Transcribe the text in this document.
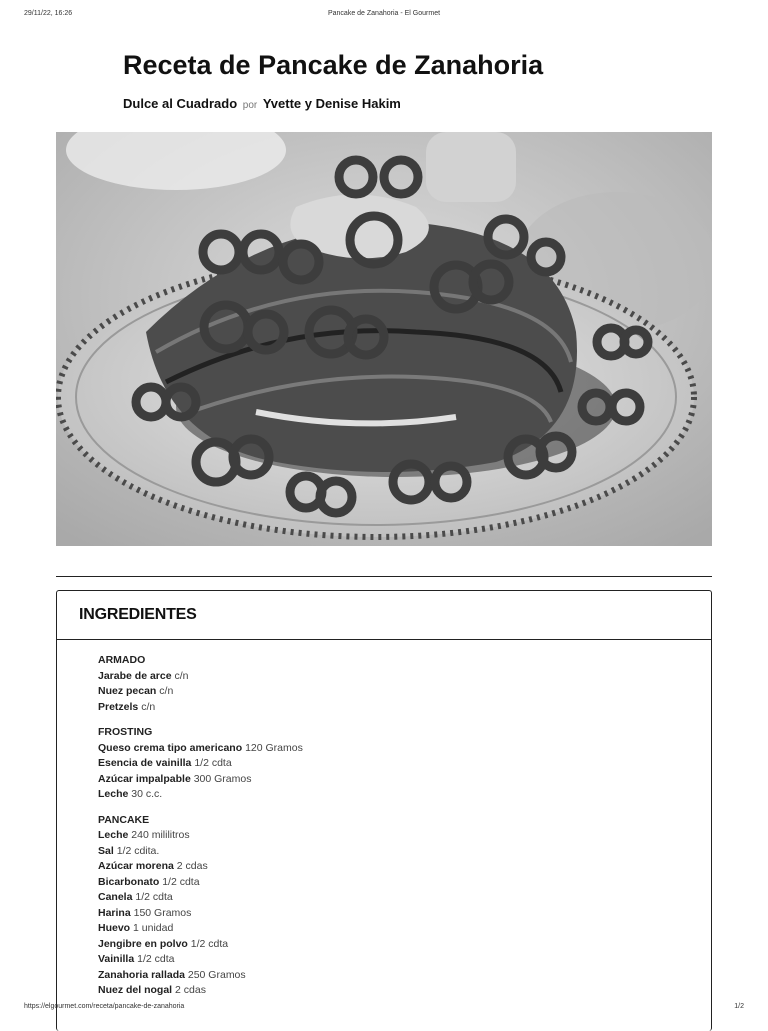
29/11/22, 16:26	Pancake de Zanahoria - El Gourmet
Receta de Pancake de Zanahoria
Dulce al Cuadrado por Yvette y Denise Hakim
INGREDIENTES
ARMADO
Jarabe de arce c/n
Nuez pecan c/n
Pretzels c/n
FROSTING
Queso crema tipo americano 120 Gramos
Esencia de vainilla 1/2 cdta
Azúcar impalpable 300 Gramos
Leche 30 c.c.
PANCAKE
Leche 240 mililitros
Sal 1/2 cdita.
Azúcar morena 2 cdas
Bicarbonato 1/2 cdta
Canela 1/2 cdta
Harina 150 Gramos
Huevo 1 unidad
Jengibre en polvo 1/2 cdta
Vainilla 1/2 cdta
Zanahoria rallada 250 Gramos
Nuez del nogal 2 cdas
https://elgourmet.com/receta/pancake-de-zanahoria	1/2
